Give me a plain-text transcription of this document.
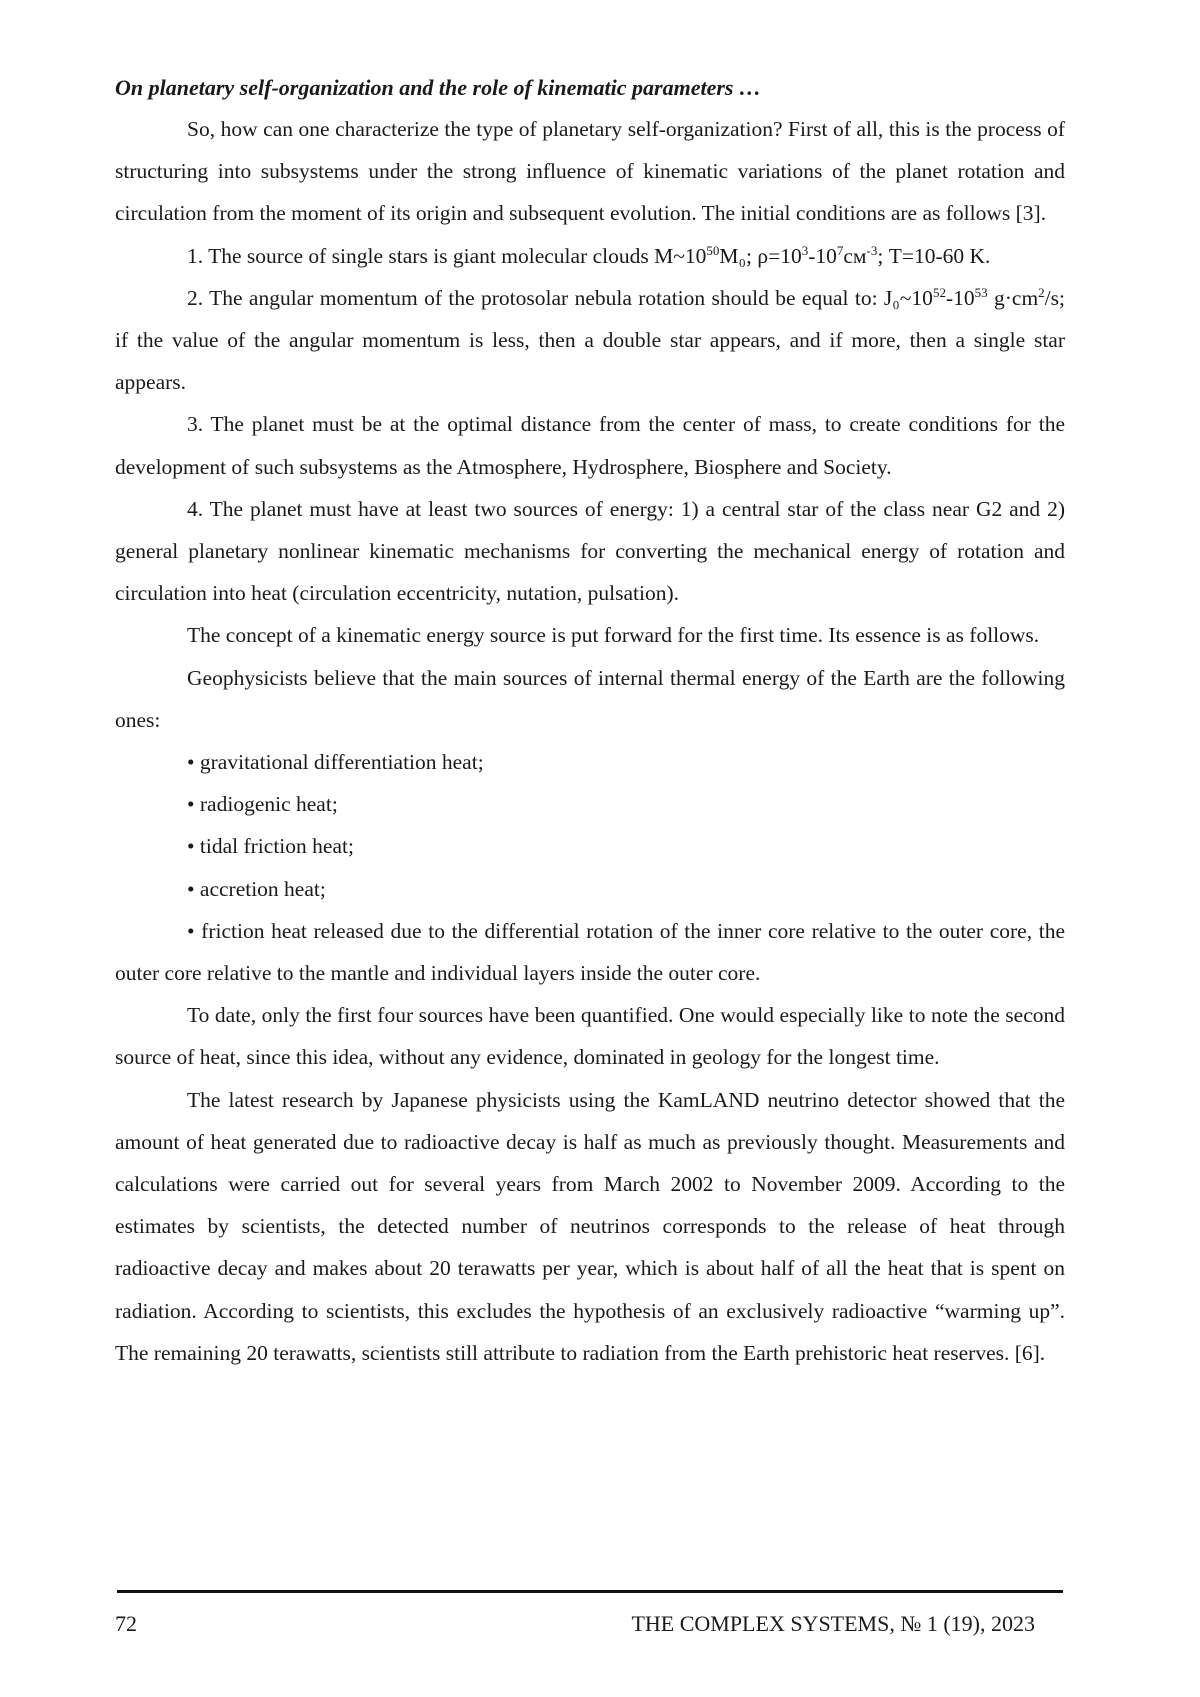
On planetary self-organization and the role of kinematic parameters …

So, how can one characterize the type of planetary self-organization? First of all, this is the process of structuring into subsystems under the strong influence of kinematic variations of the planet rotation and circulation from the moment of its origin and subsequent evolution. The initial conditions are as follows [3].

1. The source of single stars is giant molecular clouds $M\sim 10^{50}M_0$; $\rho=10^3-10^7см^{-3}$; T=10-60 K.

2. The angular momentum of the protosolar nebula rotation should be equal to: $J_0\sim 10^{52}-10^{53}$ $g\cdot cm^2/s$; if the value of the angular momentum is less, then a double star appears, and if more, then a single star appears.

3. The planet must be at the optimal distance from the center of mass, to create conditions for the development of such subsystems as the Atmosphere, Hydrosphere, Biosphere and Society.

4. The planet must have at least two sources of energy: 1) a central star of the class near G2 and 2) general planetary nonlinear kinematic mechanisms for converting the mechanical energy of rotation and circulation into heat (circulation eccentricity, nutation, pulsation).

The concept of a kinematic energy source is put forward for the first time. Its essence is as follows.

Geophysicists believe that the main sources of internal thermal energy of the Earth are the following ones:

• gravitational differentiation heat;

• radiogenic heat;

• tidal friction heat;

• accretion heat;

• friction heat released due to the differential rotation of the inner core relative to the outer core, the outer core relative to the mantle and individual layers inside the outer core.

To date, only the first four sources have been quantified. One would especially like to note the second source of heat, since this idea, without any evidence, dominated in geology for the longest time.

The latest research by Japanese physicists using the KamLAND neutrino detector showed that the amount of heat generated due to radioactive decay is half as much as previously thought. Measurements and calculations were carried out for several years from March 2002 to November 2009. According to the estimates by scientists, the detected number of neutrinos corresponds to the release of heat through radioactive decay and makes about 20 terawatts per year, which is about half of all the heat that is spent on radiation. According to scientists, this excludes the hypothesis of an exclusively radioactive “warming up”. The remaining 20 terawatts, scientists still attribute to radiation from the Earth prehistoric heat reserves. [6].

72	THE COMPLEX SYSTEMS, № 1 (19), 2023
